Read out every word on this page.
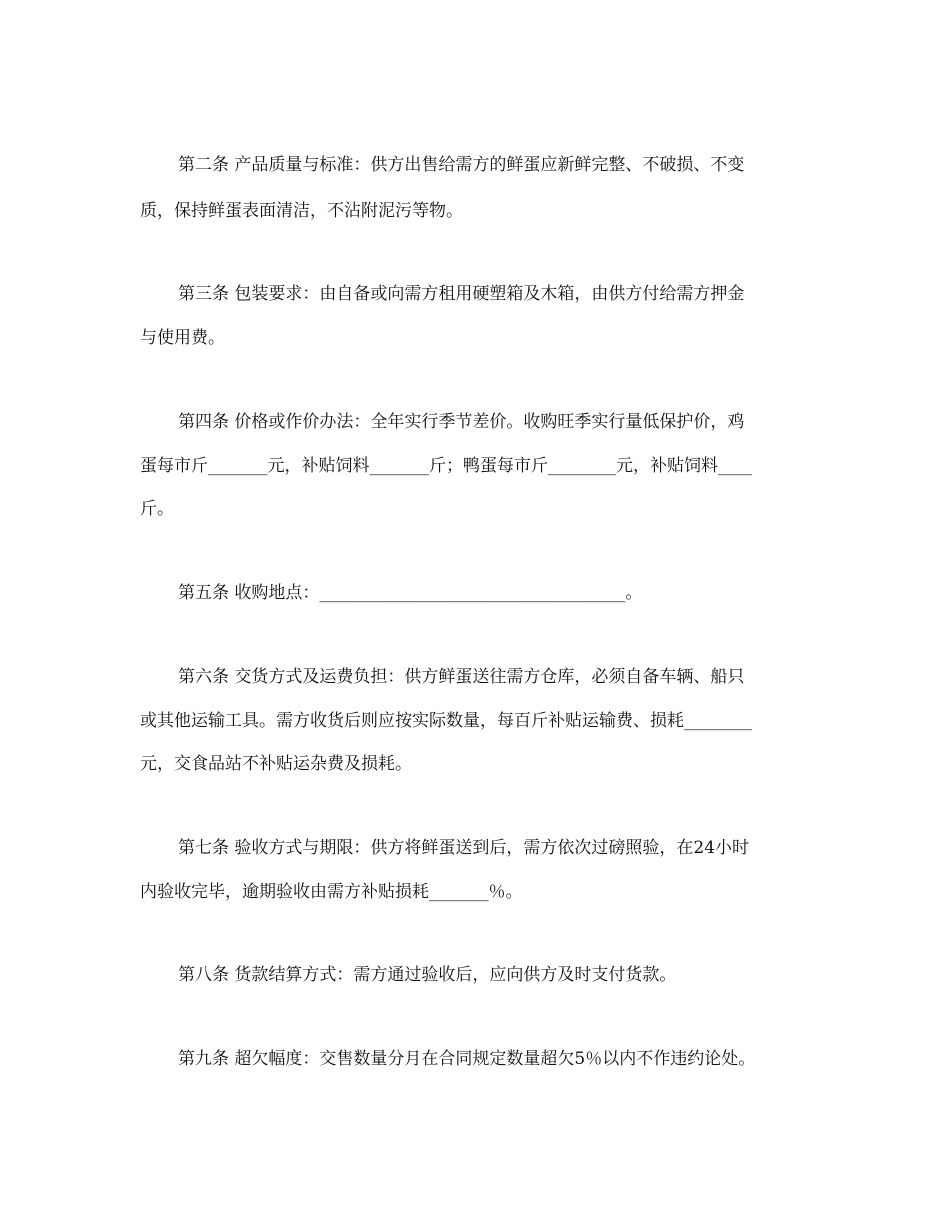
第二条 产品质量与标准：供方出售给需方的鲜蛋应新鲜完整、不破损、不变
质，保持鲜蛋表面清洁，不沾附泥污等物。
第三条 包装要求：由自备或向需方租用硬塑箱及木箱，由供方付给需方押金
与使用费。
第四条 价格或作价办法：全年实行季节差价。收购旺季实行量低保护价，鸡
蛋每市斤_______元，补贴饲料_______斤；鸭蛋每市斤________元，补贴饲料____
斤。
第五条 收购地点：____________________________________。
第六条 交货方式及运费负担：供方鲜蛋送往需方仓库，必须自备车辆、船只
或其他运输工具。需方收货后则应按实际数量，每百斤补贴运输费、损耗________
元，交食品站不补贴运杂费及损耗。
第七条 验收方式与期限：供方将鲜蛋送到后，需方依次过磅照验，在24小时
内验收完毕，逾期验收由需方补贴损耗_______％。
第八条 货款结算方式：需方通过验收后，应向供方及时支付货款。
第九条 超欠幅度：交售数量分月在合同规定数量超欠5％以内不作违约论处。
